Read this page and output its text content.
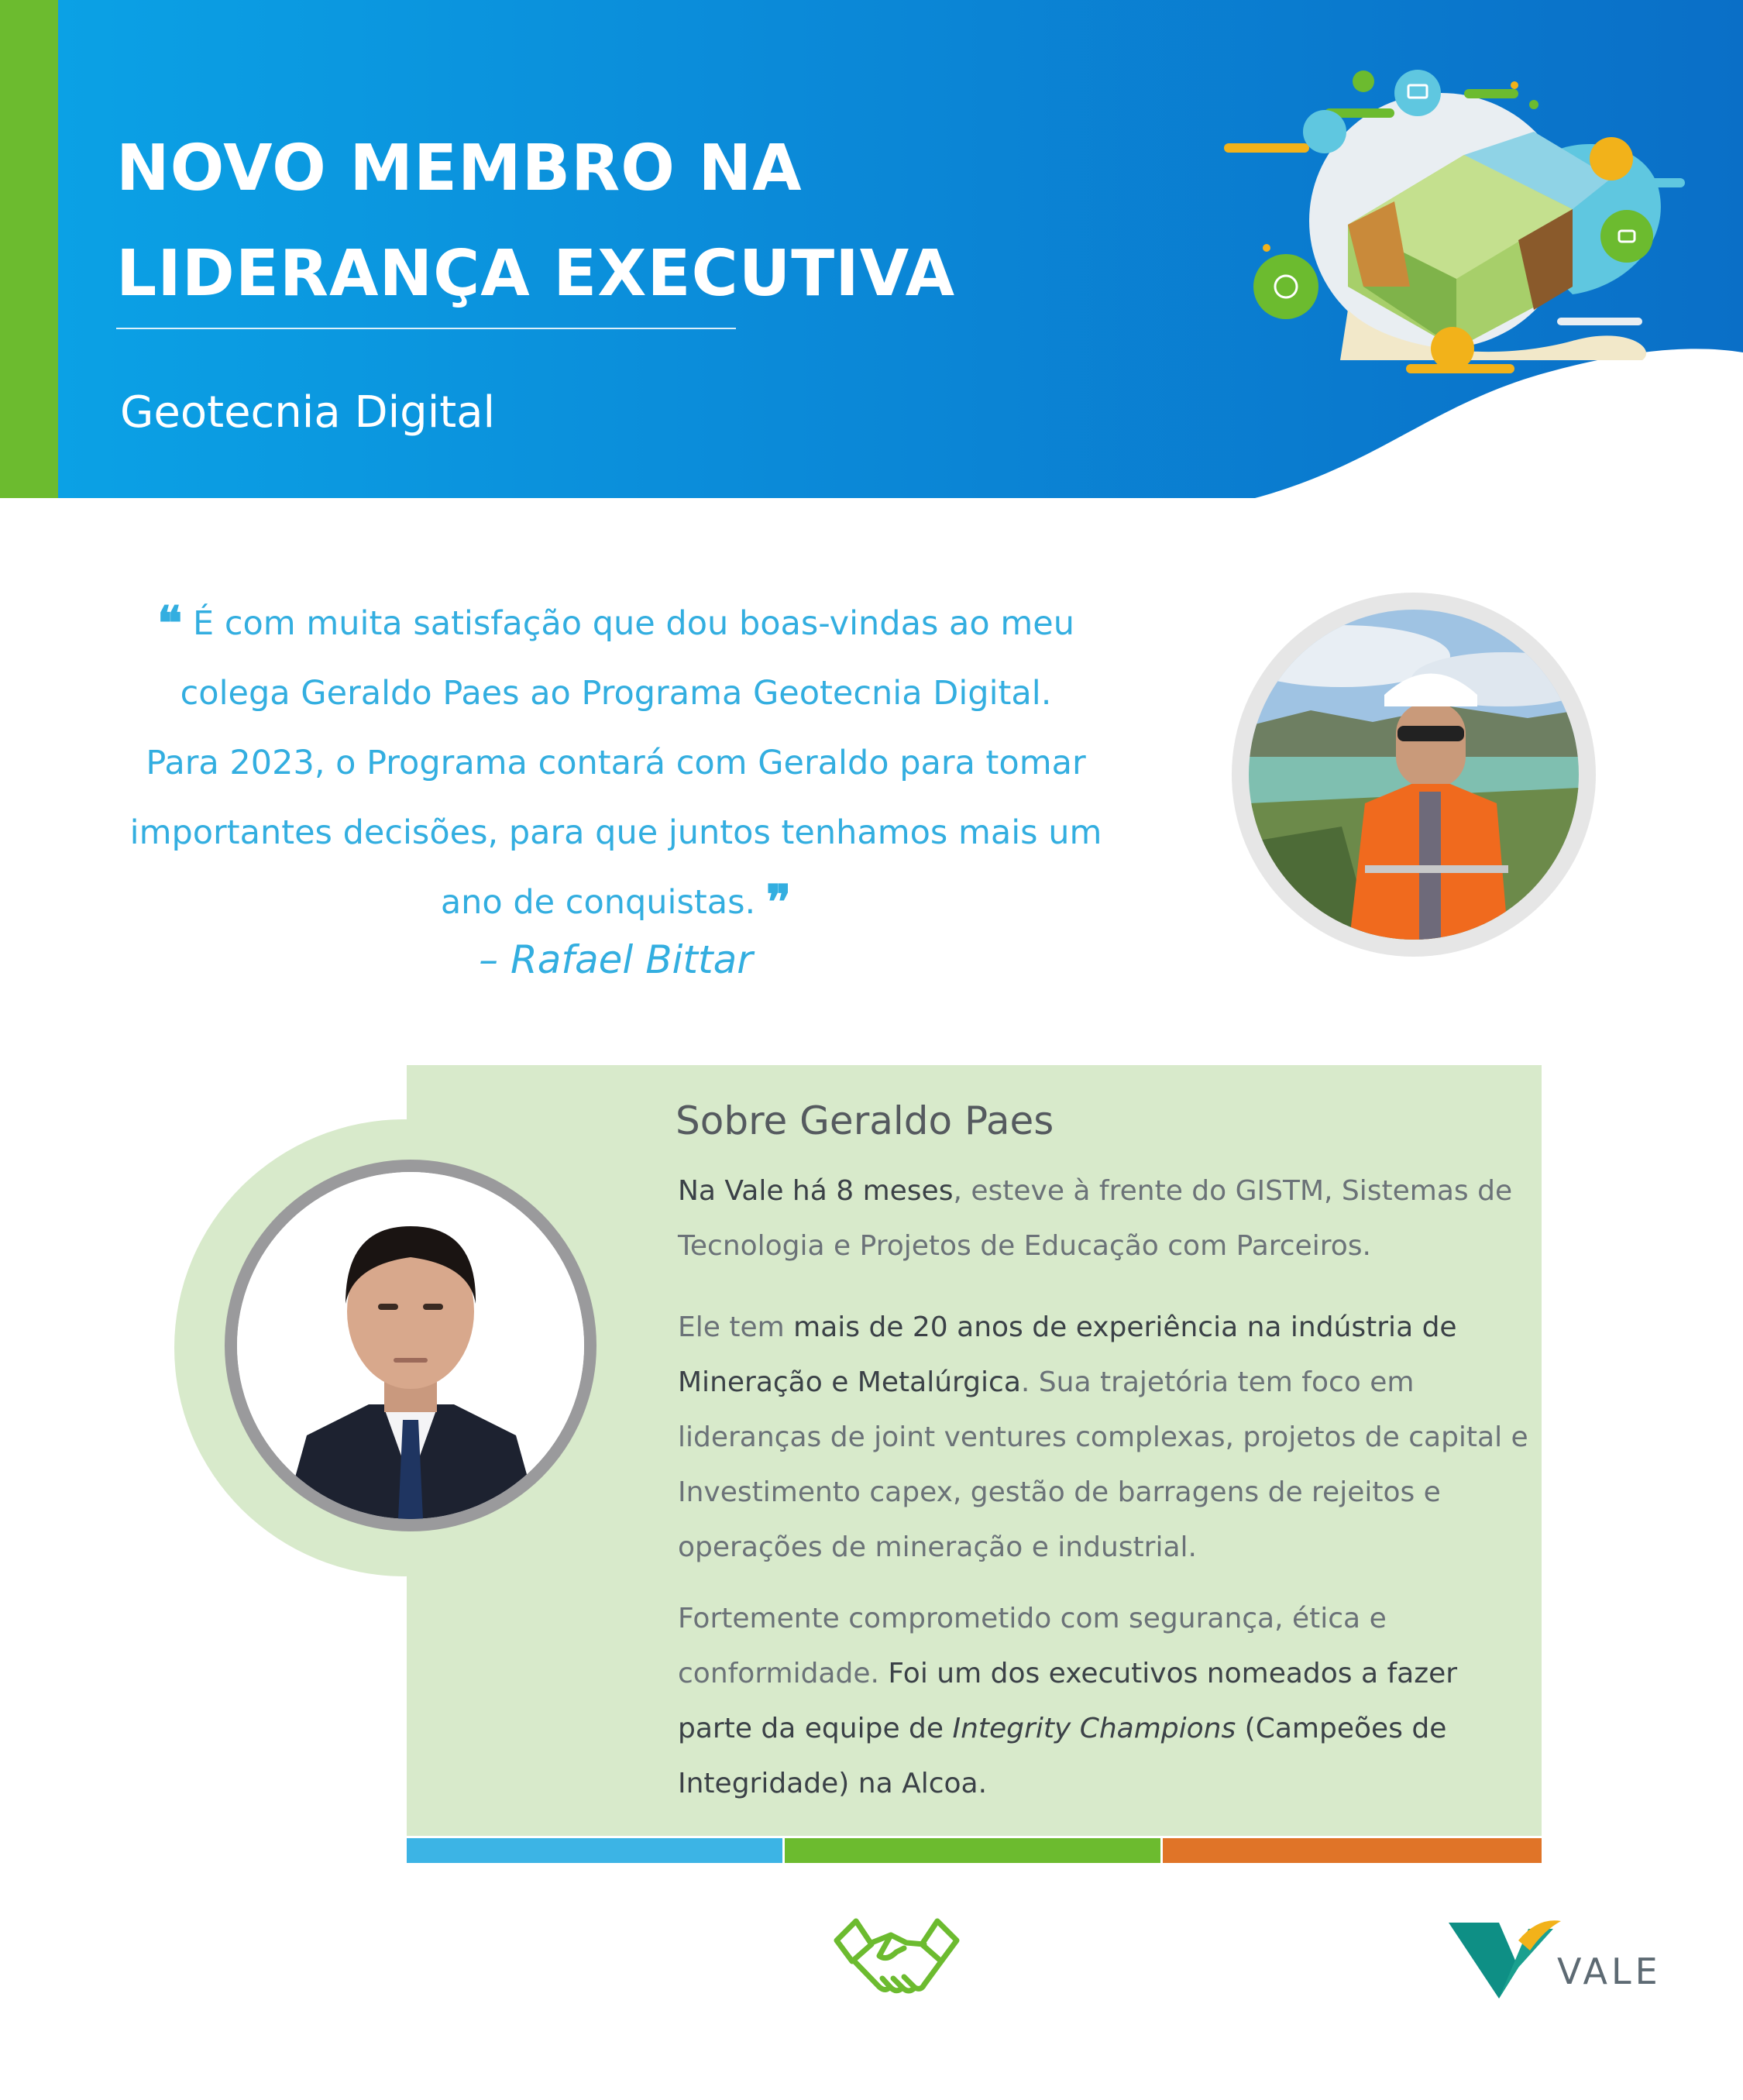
NOVO MEMBRO NA
LIDERANÇA EXECUTIVA
Geotecnia Digital
❝ É com muita satisfação que dou boas-vindas ao meu
colega Geraldo Paes ao Programa Geotecnia Digital.
Para 2023, o Programa contará com Geraldo para tomar
importantes decisões, para que juntos tenhamos mais um
ano de conquistas. ❞
– Rafael Bittar
Sobre Geraldo Paes

Na Vale há 8 meses, esteve à frente do GISTM, Sistemas de Tecnologia e Projetos de Educação com Parceiros.

Ele tem mais de 20 anos de experiência na indústria de Mineração e Metalúrgica. Sua trajetória tem foco em lideranças de joint ventures complexas, projetos de capital e Investimento capex, gestão de barragens de rejeitos e operações de mineração e industrial.

Fortemente comprometido com segurança, ética e conformidade. Foi um dos executivos nomeados a fazer parte da equipe de Integrity Champions (Campeões de Integridade) na Alcoa.

VALE
